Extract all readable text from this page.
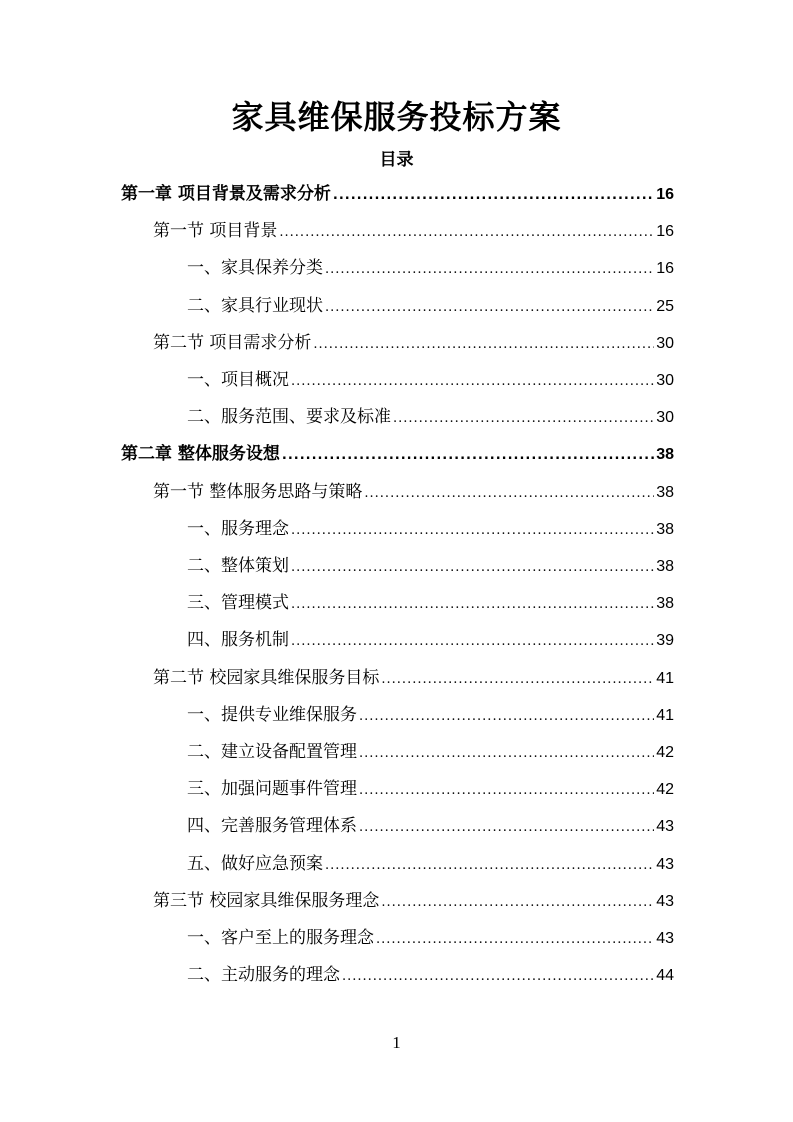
家具维保服务投标方案
目录
第一章 项目背景及需求分析 .....	16
第一节 项目背景 .....	16
一、家具保养分类 .....	16
二、家具行业现状 .....	25
第二节 项目需求分析 .....	30
一、项目概况 .....	30
二、服务范围、要求及标准 .....	30
第二章 整体服务设想 .....	38
第一节 整体服务思路与策略 .....	38
一、服务理念 .....	38
二、整体策划 .....	38
三、管理模式 .....	38
四、服务机制 .....	39
第二节 校园家具维保服务目标 .....	41
一、提供专业维保服务 .....	41
二、建立设备配置管理 .....	42
三、加强问题事件管理 .....	42
四、完善服务管理体系 .....	43
五、做好应急预案 .....	43
第三节 校园家具维保服务理念 .....	43
一、客户至上的服务理念 .....	43
二、主动服务的理念 .....	44
1
